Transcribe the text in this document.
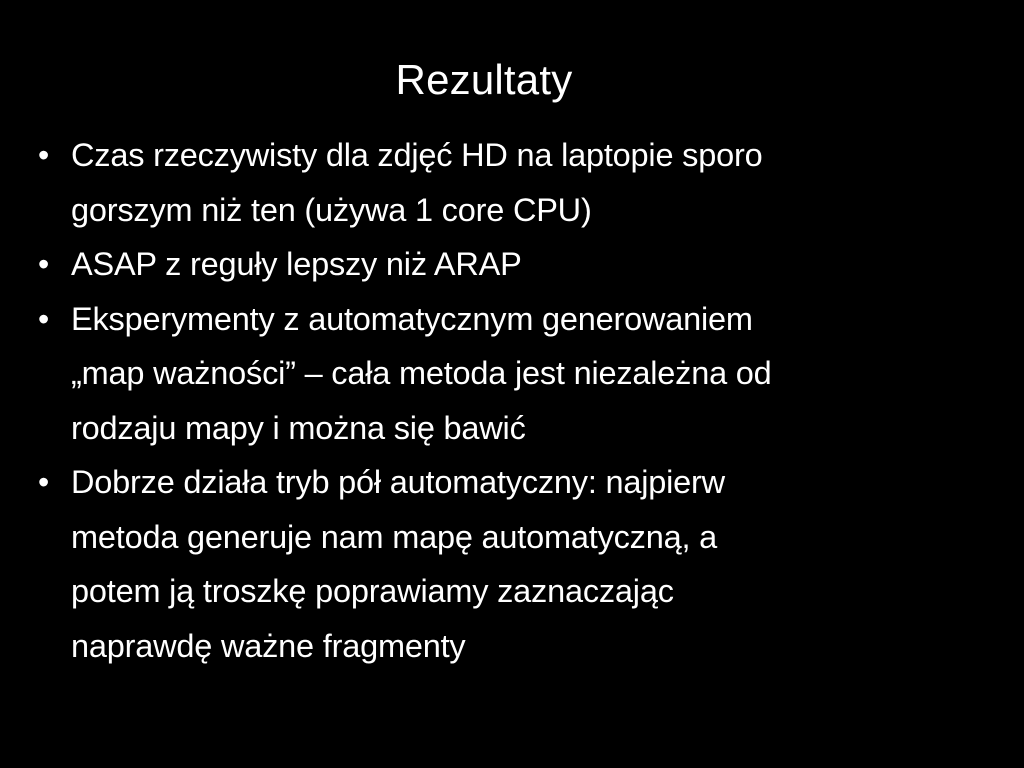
Rezultaty
• Czas rzeczywisty dla zdjęć HD na laptopie sporo
gorszym niż ten (używa 1 core CPU)
• ASAP z reguły lepszy niż ARAP
• Eksperymenty z automatycznym generowaniem
„map ważności” – cała metoda jest niezależna od
rodzaju mapy i można się bawić
• Dobrze działa tryb pół automatyczny: najpierw
metoda generuje nam mapę automatyczną, a
potem ją troszkę poprawiamy zaznaczając
naprawdę ważne fragmenty
